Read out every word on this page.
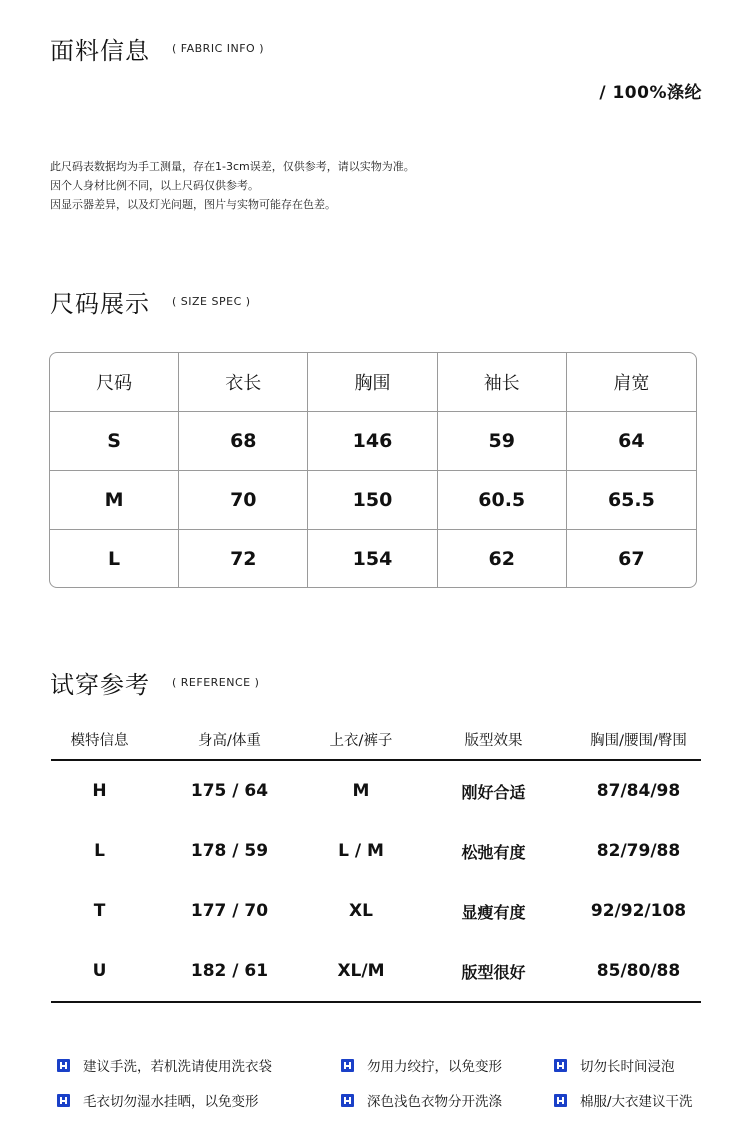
面料信息 ( FABRIC INFO )
/ 100%涤纶
此尺码表数据均为手工测量，存在1-3cm误差，仅供参考，请以实物为准。
因个人身材比例不同，以上尺码仅供参考。
因显示器差异，以及灯光问题，图片与实物可能存在色差。
尺码展示 ( SIZE SPEC )
尺码	衣长	胸围	袖长	肩宽
S	68	146	59	64
M	70	150	60.5	65.5
L	72	154	62	67
试穿参考 ( REFERENCE )
模特信息	身高/体重	上衣/裤子	版型效果	胸围/腰围/臀围
H	175 / 64	M	刚好合适	87/84/98
L	178 / 59	L / M	松弛有度	82/79/88
T	177 / 70	XL	显瘦有度	92/92/108
U	182 / 61	XL/M	版型很好	85/80/88
建议手洗，若机洗请使用洗衣袋	勿用力绞拧，以免变形	切勿长时间浸泡
毛衣切勿湿水挂晒，以免变形	深色浅色衣物分开洗涤	棉服/大衣建议干洗
